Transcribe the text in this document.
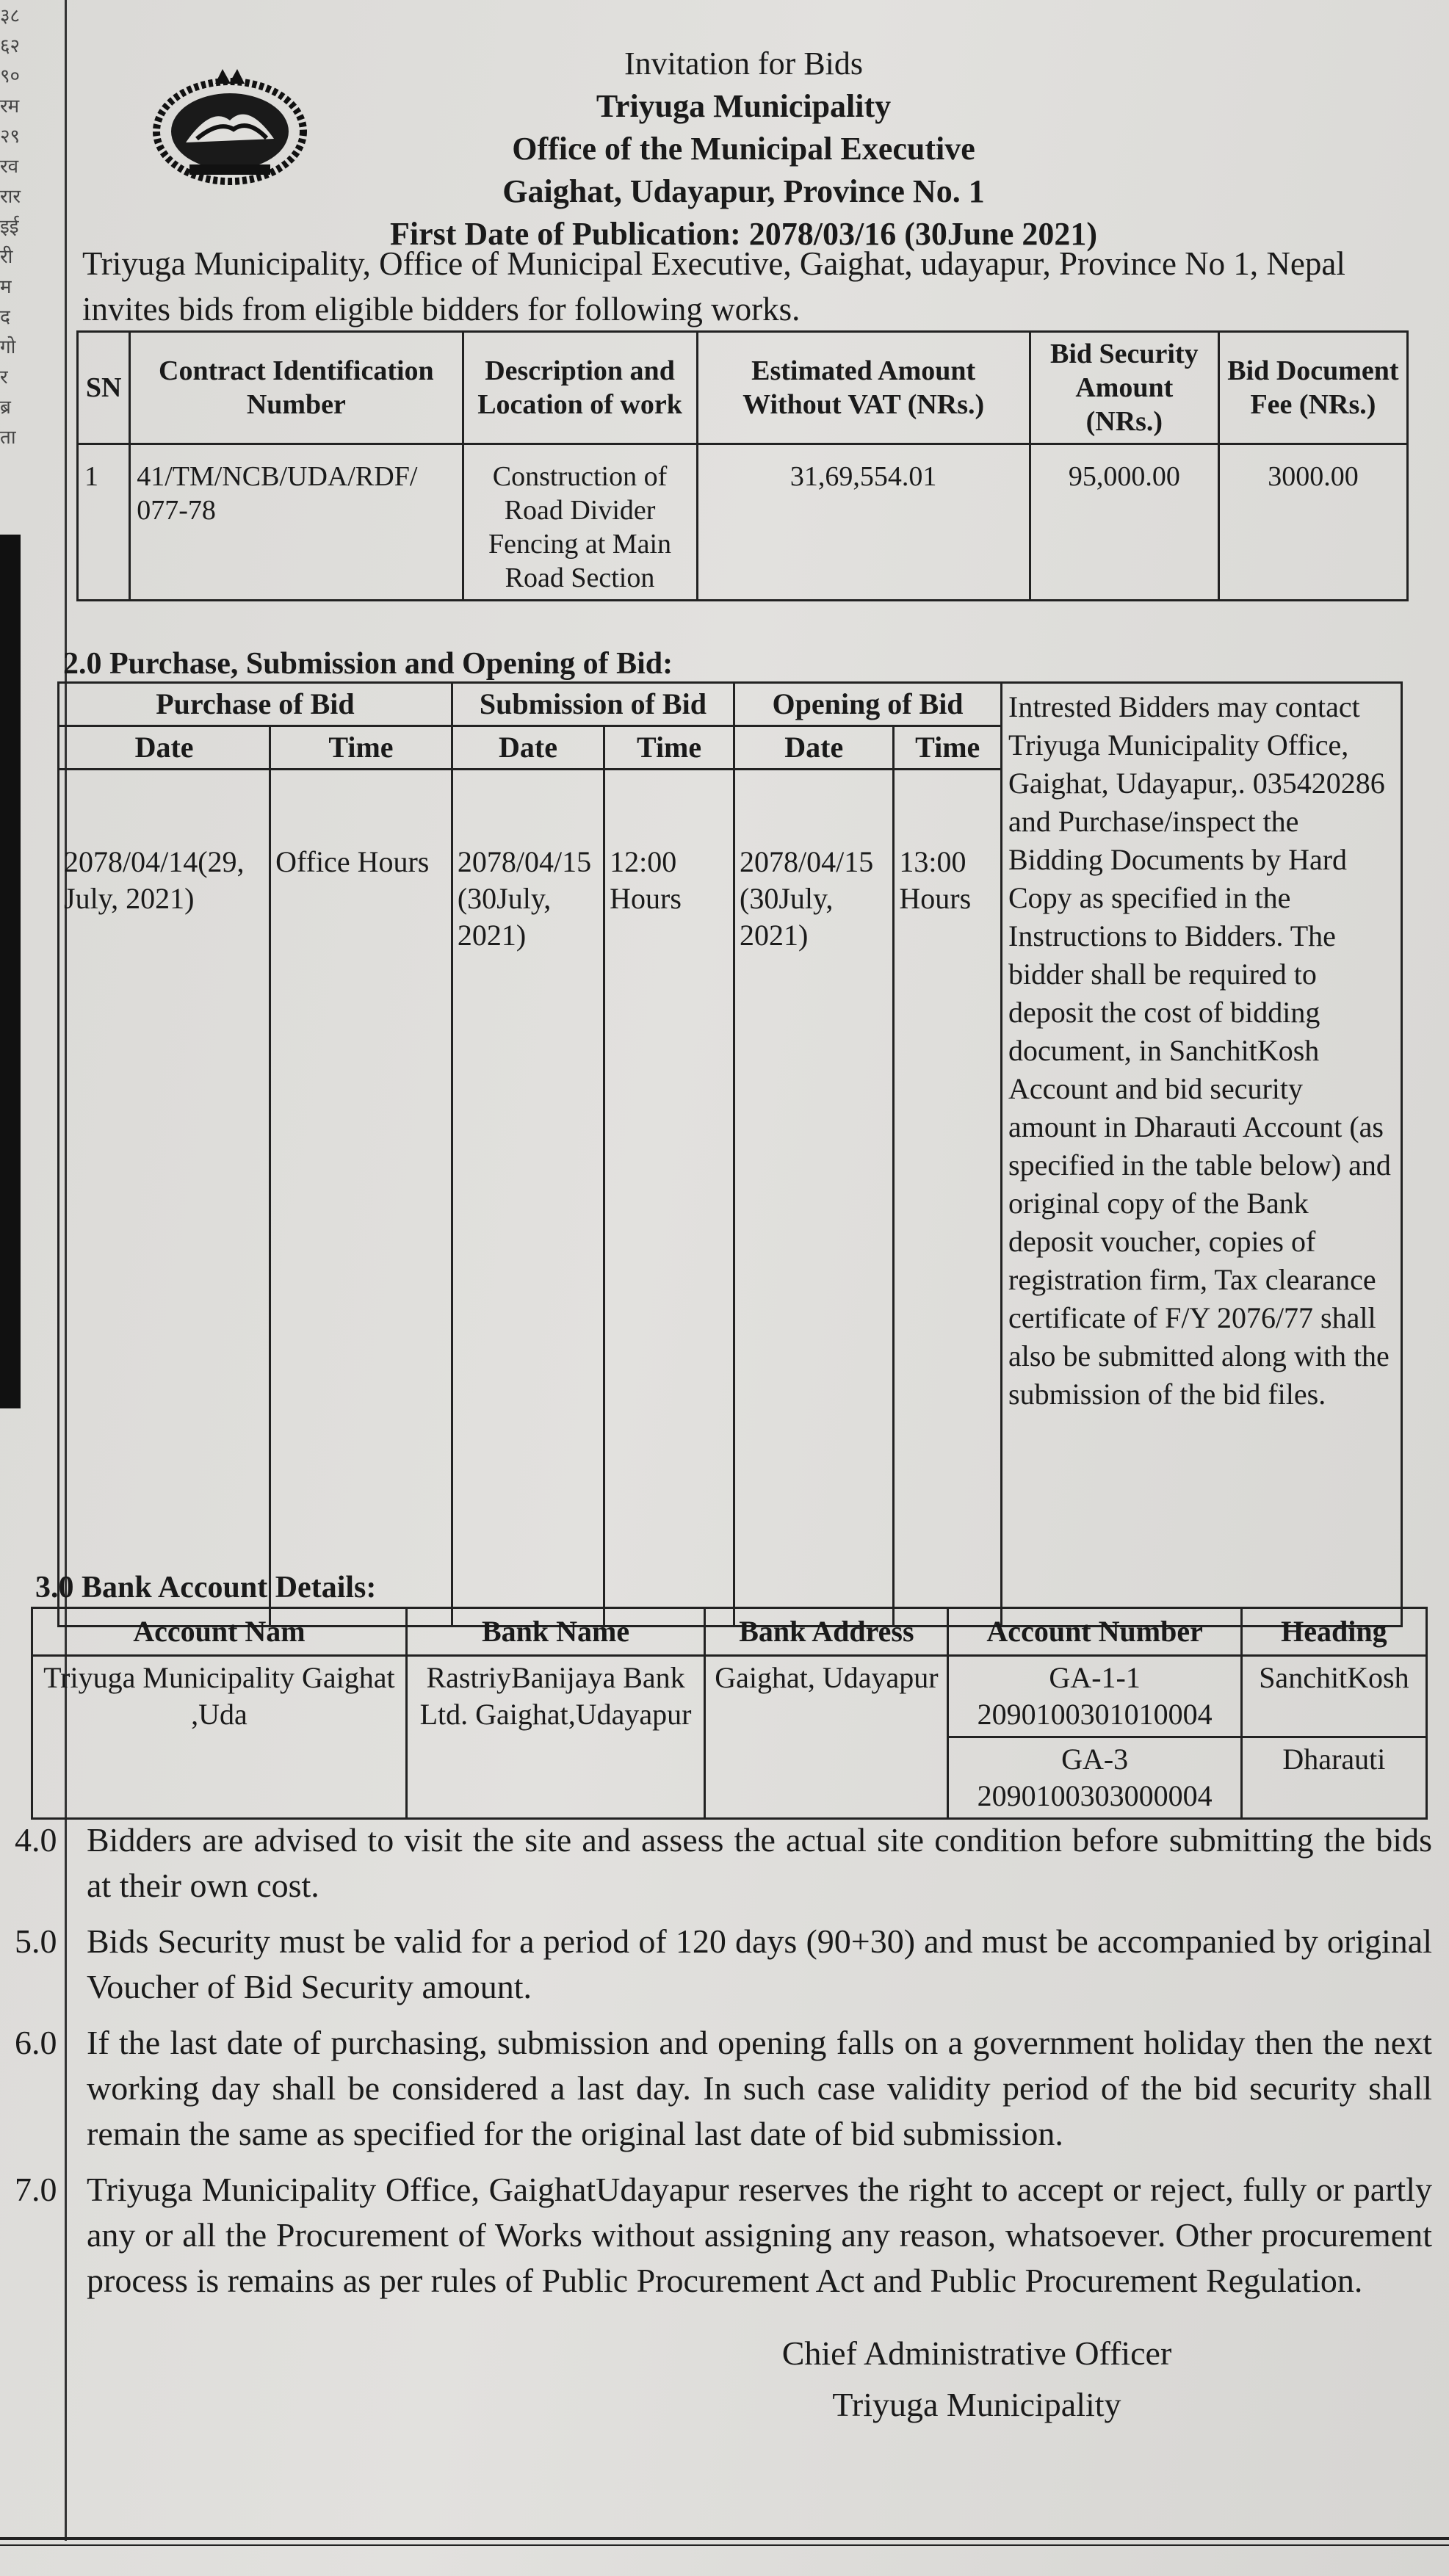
३८
६२
९०
रम
२९
रव
रार
इई
री
म
द
गो
र
ब्र
ता
Invitation for Bids
Triyuga Municipality
Office of the Municipal Executive
Gaighat, Udayapur, Province No. 1
First Date of Publication: 2078/03/16 (30June 2021)
Triyuga Municipality, Office of Municipal Executive, Gaighat, udayapur, Province No 1, Nepal invites bids from eligible bidders for following works.
SN	Contract Identification Number	Description and Location of work	Estimated Amount Without VAT (NRs.)	Bid Security Amount (NRs.)	Bid Document Fee (NRs.)
1	41/TM/NCB/UDA/RDF/ 077-78	Construction of Road Divider Fencing at Main Road Section	31,69,554.01	95,000.00	3000.00
2.0 Purchase, Submission and Opening of Bid:
Purchase of Bid		Submission of Bid		Opening of Bid		Intrested Bidders may contact Triyuga Municipality Office, Gaighat, Udayapur,. 035420286 and Purchase/inspect the Bidding Documents by Hard Copy as specified in the Instructions to Bidders. The bidder shall be required to deposit the cost of bidding document, in SanchitKosh Account and bid security amount in Dharauti Account (as specified in the table below) and original copy of the Bank deposit voucher, copies of registration firm, Tax clearance certificate of F/Y 2076/77 shall also be submitted along with the submission of the bid files.
Date	Time	Date	Time	Date	Time	
2078/04/14(29, July, 2021)	Office Hours	2078/04/15 (30July, 2021)	12:00 Hours	2078/04/15 (30July, 2021)	13:00 Hours	
3.0 Bank Account Details:
Account Nam	Bank Name	Bank Address	Account Number	Heading
Triyuga Municipality Gaighat ,Uda	RastriyBanijaya Bank Ltd. Gaighat,Udayapur	Gaighat, Udayapur	GA-1-1 2090100301010004	SanchitKosh
			GA-3 2090100303000004	Dharauti
4.0 Bidders are advised to visit the site and assess the actual site condition before submitting the bids at their own cost.
5.0 Bids Security must be valid for a period of 120 days (90+30) and must be accompanied by original Voucher of Bid Security amount.
6.0 If the last date of purchasing, submission and opening falls on a government holiday then the next working day shall be considered a last day. In such case validity period of the bid security shall remain the same as specified for the original last date of bid submission.
7.0 Triyuga Municipality Office, GaighatUdayapur reserves the right to accept or reject, fully or partly any or all the Procurement of Works without assigning any reason, whatsoever. Other procurement process is remains as per rules of Public Procurement Act and Public Procurement Regulation.
Chief Administrative Officer
Triyuga Municipality
